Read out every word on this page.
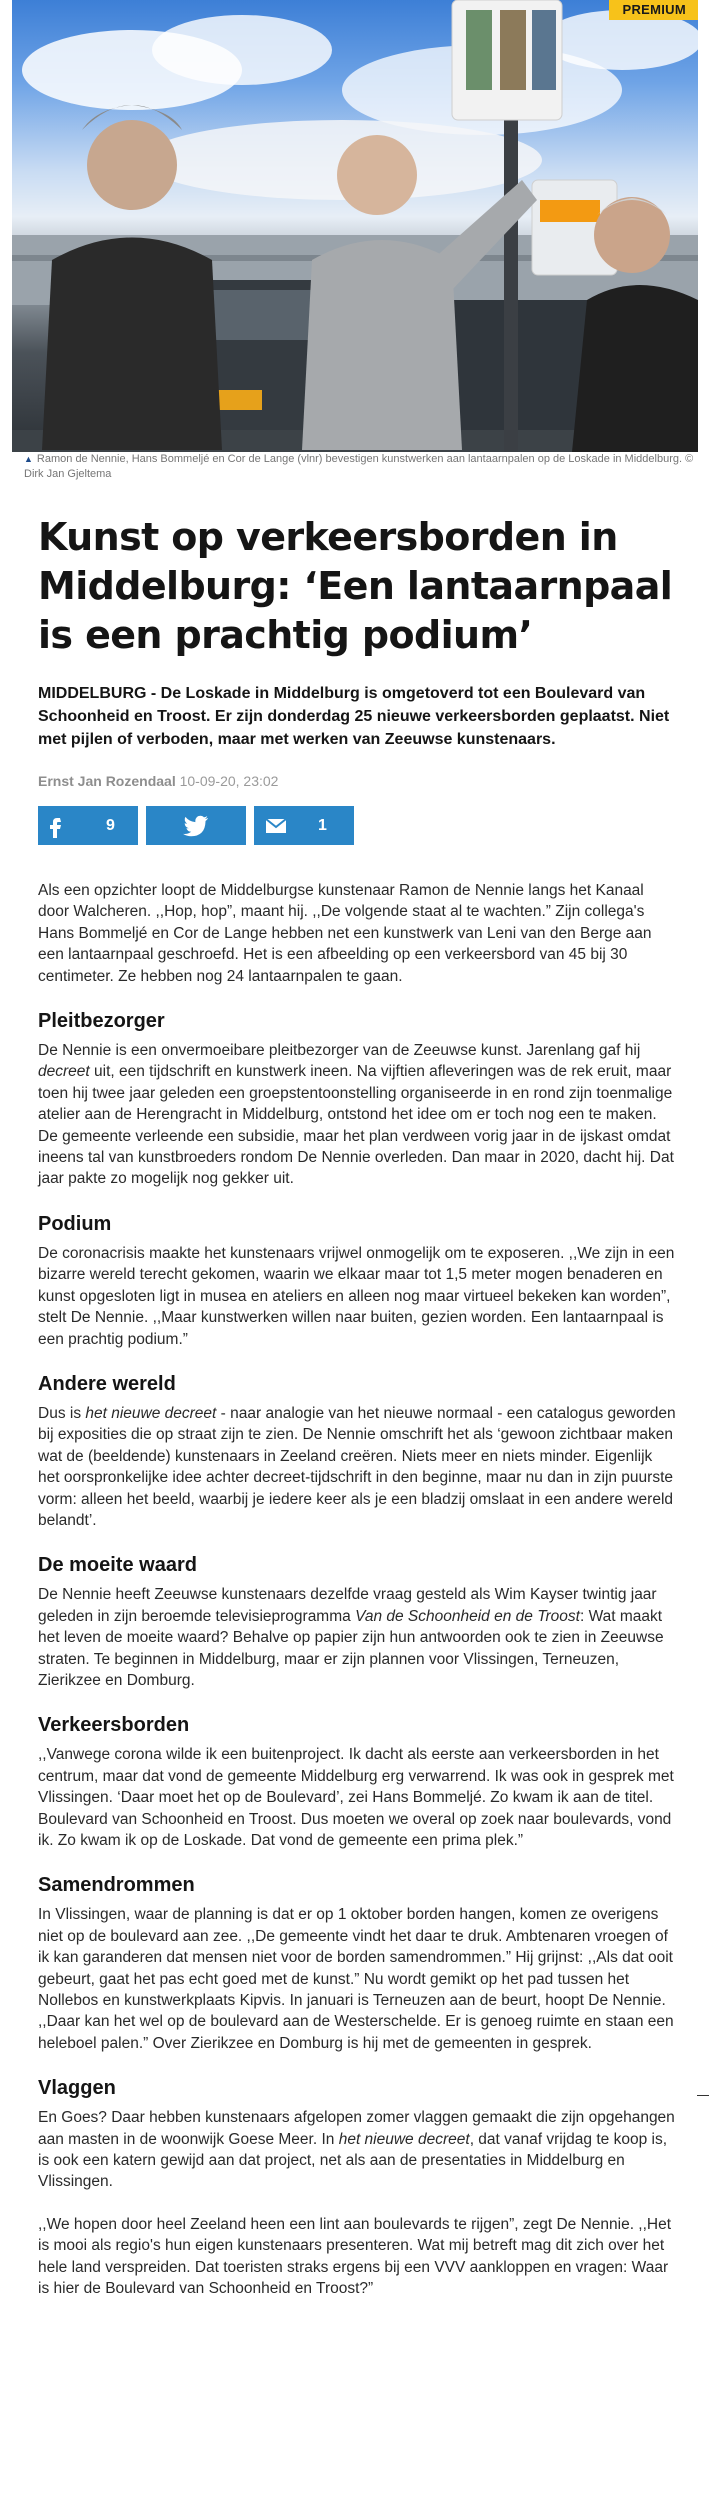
PREMIUM
▲ Ramon de Nennie, Hans Bommeljé en Cor de Lange (vlnr) bevestigen kunstwerken aan lantaarnpalen op de Loskade in Middelburg. © Dirk Jan Gjeltema
Kunst op verkeersborden in Middelburg: ‘Een lantaarnpaal is een prachtig podium’

MIDDELBURG - De Loskade in Middelburg is omgetoverd tot een Boulevard van Schoonheid en Troost. Er zijn donderdag 25 nieuwe verkeersborden geplaatst. Niet met pijlen of verboden, maar met werken van Zeeuwse kunstenaars.

Ernst Jan Rozendaal 10-09-20, 23:02
9	1

Als een opzichter loopt de Middelburgse kunstenaar Ramon de Nennie langs het Kanaal door Walcheren. ,,Hop, hop”, maant hij. ,,De volgende staat al te wachten.” Zijn collega's Hans Bommeljé en Cor de Lange hebben net een kunstwerk van Leni van den Berge aan een lantaarnpaal geschroefd. Het is een afbeelding op een verkeersbord van 45 bij 30 centimeter. Ze hebben nog 24 lantaarnpalen te gaan.

Pleitbezorger

De Nennie is een onvermoeibare pleitbezorger van de Zeeuwse kunst. Jarenlang gaf hij decreet uit, een tijdschrift en kunstwerk ineen. Na vijftien afleveringen was de rek eruit, maar toen hij twee jaar geleden een groepstentoonstelling organiseerde in en rond zijn toenmalige atelier aan de Herengracht in Middelburg, ontstond het idee om er toch nog een te maken. De gemeente verleende een subsidie, maar het plan verdween vorig jaar in de ijskast omdat ineens tal van kunstbroeders rondom De Nennie overleden. Dan maar in 2020, dacht hij. Dat jaar pakte zo mogelijk nog gekker uit.

Podium

De coronacrisis maakte het kunstenaars vrijwel onmogelijk om te exposeren. ,,We zijn in een bizarre wereld terecht gekomen, waarin we elkaar maar tot 1,5 meter mogen benaderen en kunst opgesloten ligt in musea en ateliers en alleen nog maar virtueel bekeken kan worden”, stelt De Nennie. ,,Maar kunstwerken willen naar buiten, gezien worden. Een lantaarnpaal is een prachtig podium.”

Andere wereld

Dus is het nieuwe decreet - naar analogie van het nieuwe normaal - een catalogus geworden bij exposities die op straat zijn te zien. De Nennie omschrift het als ‘gewoon zichtbaar maken wat de (beeldende) kunstenaars in Zeeland creëren. Niets meer en niets minder. Eigenlijk het oorspronkelijke idee achter decreet-tijdschrift in den beginne, maar nu dan in zijn puurste vorm: alleen het beeld, waarbij je iedere keer als je een bladzij omslaat in een andere wereld belandt’.

De moeite waard

De Nennie heeft Zeeuwse kunstenaars dezelfde vraag gesteld als Wim Kayser twintig jaar geleden in zijn beroemde televisieprogramma Van de Schoonheid en de Troost: Wat maakt het leven de moeite waard? Behalve op papier zijn hun antwoorden ook te zien in Zeeuwse straten. Te beginnen in Middelburg, maar er zijn plannen voor Vlissingen, Terneuzen, Zierikzee en Domburg.

Verkeersborden

,,Vanwege corona wilde ik een buitenproject. Ik dacht als eerste aan verkeersborden in het centrum, maar dat vond de gemeente Middelburg erg verwarrend. Ik was ook in gesprek met Vlissingen. ‘Daar moet het op de Boulevard’, zei Hans Bommeljé. Zo kwam ik aan de titel. Boulevard van Schoonheid en Troost. Dus moeten we overal op zoek naar boulevards, vond ik. Zo kwam ik op de Loskade. Dat vond de gemeente een prima plek.”

Samendrommen

In Vlissingen, waar de planning is dat er op 1 oktober borden hangen, komen ze overigens niet op de boulevard aan zee. ,,De gemeente vindt het daar te druk. Ambtenaren vroegen of ik kan garanderen dat mensen niet voor de borden samendrommen.” Hij grijnst: ,,Als dat ooit gebeurt, gaat het pas echt goed met de kunst.” Nu wordt gemikt op het pad tussen het Nollebos en kunstwerkplaats Kipvis. In januari is Terneuzen aan de beurt, hoopt De Nennie. ,,Daar kan het wel op de boulevard aan de Westerschelde. Er is genoeg ruimte en staan een heleboel palen.” Over Zierikzee en Domburg is hij met de gemeenten in gesprek.

Vlaggen

En Goes? Daar hebben kunstenaars afgelopen zomer vlaggen gemaakt die zijn opgehangen aan masten in de woonwijk Goese Meer. In het nieuwe decreet, dat vanaf vrijdag te koop is, is ook een katern gewijd aan dat project, net als aan de presentaties in Middelburg en Vlissingen.

,,We hopen door heel Zeeland heen een lint aan boulevards te rijgen”, zegt De Nennie. ,,Het is mooi als regio's hun eigen kunstenaars presenteren. Wat mij betreft mag dit zich over het hele land verspreiden. Dat toeristen straks ergens bij een VVV aankloppen en vragen: Waar is hier de Boulevard van Schoonheid en Troost?”
